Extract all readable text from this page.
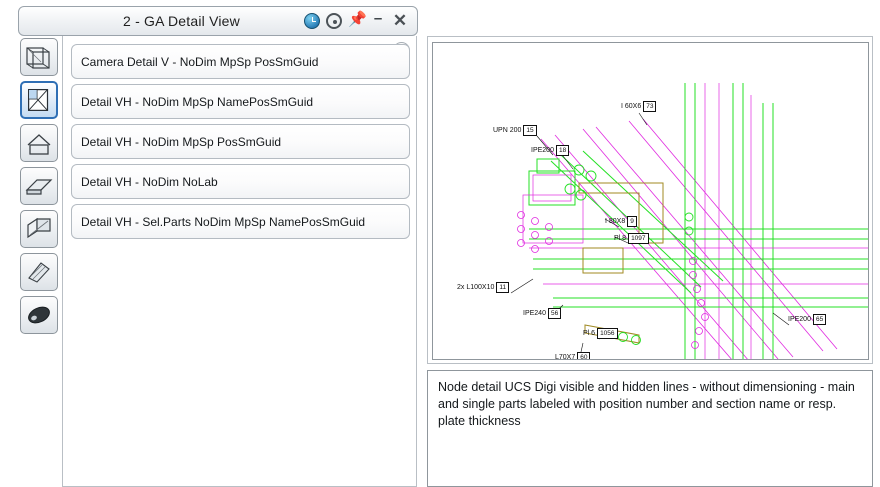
2 - GA Detail View	📌 – ✕
Camera Detail V - NoDim MpSp PosSmGuid
Detail VH - NoDim MpSp NamePosSmGuid
Detail VH - NoDim MpSp PosSmGuid
Detail VH - NoDim NoLab
Detail VH - Sel.Parts NoDim MpSp NamePosSmGuid
I 60X6 73
UPN 200 15
IPE200 18
I 80X8 9
Pl 8 1097
2x L100X10 11
IPE240 56
Pl 6 1056
IPE200 65
L70X7 60
Node detail UCS Digi visible and hidden lines - without dimensioning - main and single parts labeled with position number and section name or resp. plate thickness
